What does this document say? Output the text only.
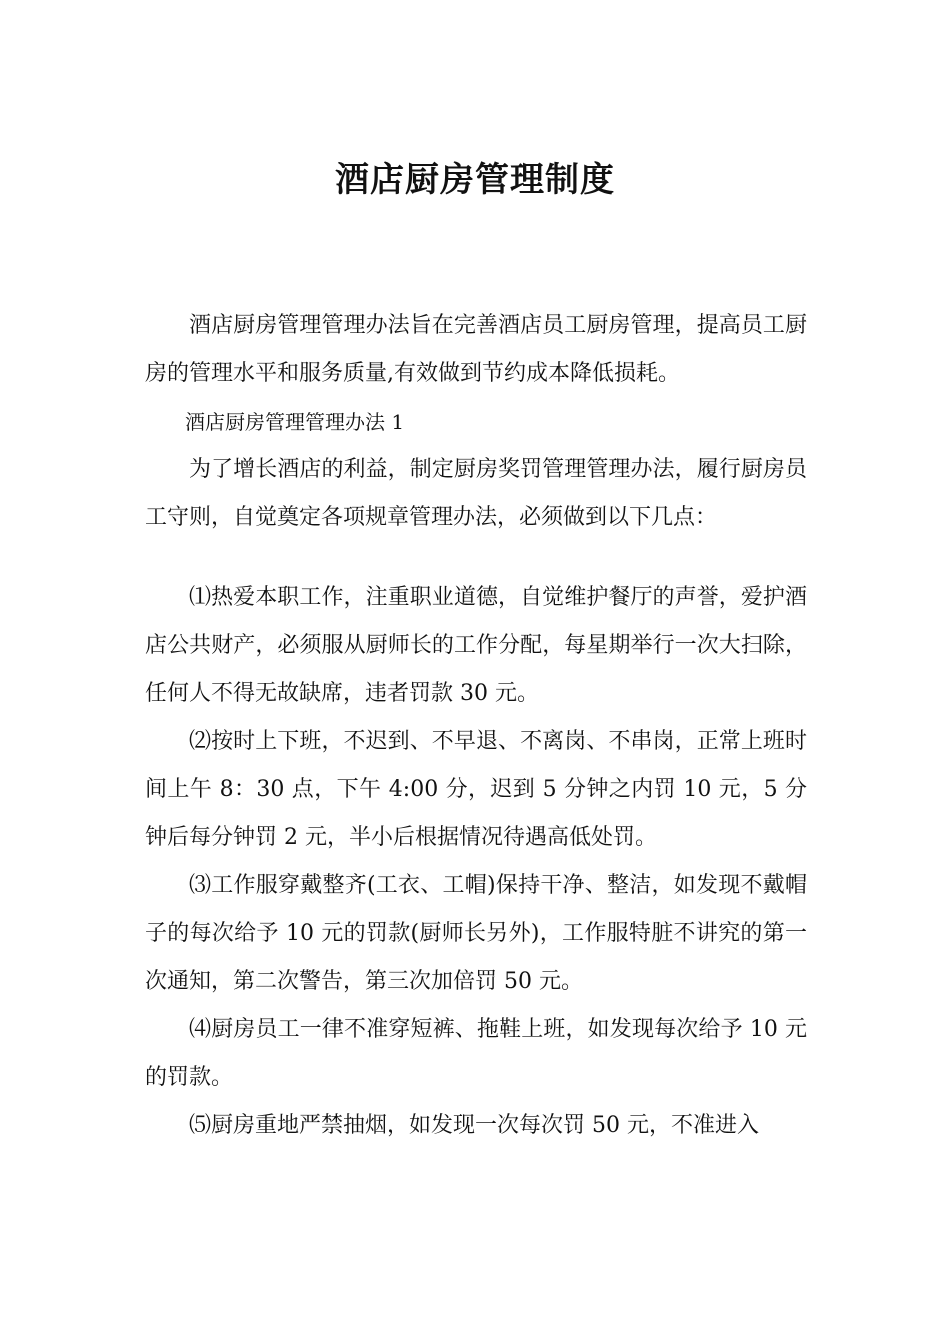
酒店厨房管理制度

酒店厨房管理管理办法旨在完善酒店员工厨房管理，提高员工厨房的管理水平和服务质量,有效做到节约成本降低损耗。

酒店厨房管理管理办法 1

为了增长酒店的利益，制定厨房奖罚管理管理办法，履行厨房员工守则，自觉奠定各项规章管理办法，必须做到以下几点：

⑴热爱本职工作，注重职业道德，自觉维护餐厅的声誉，爱护酒店公共财产，必须服从厨师长的工作分配，每星期举行一次大扫除，任何人不得无故缺席，违者罚款 30 元。

⑵按时上下班，不迟到、不早退、不离岗、不串岗，正常上班时间上午 8：30 点，下午 4:00 分，迟到 5 分钟之内罚 10 元，5 分钟后每分钟罚 2 元，半小后根据情况待遇高低处罚。

⑶工作服穿戴整齐(工衣、工帽)保持干净、整洁，如发现不戴帽子的每次给予 10 元的罚款(厨师长另外)，工作服特脏不讲究的第一次通知，第二次警告，第三次加倍罚 50 元。

⑷厨房员工一律不准穿短裤、拖鞋上班，如发现每次给予 10 元的罚款。

⑸厨房重地严禁抽烟，如发现一次每次罚 50 元，不准进入
